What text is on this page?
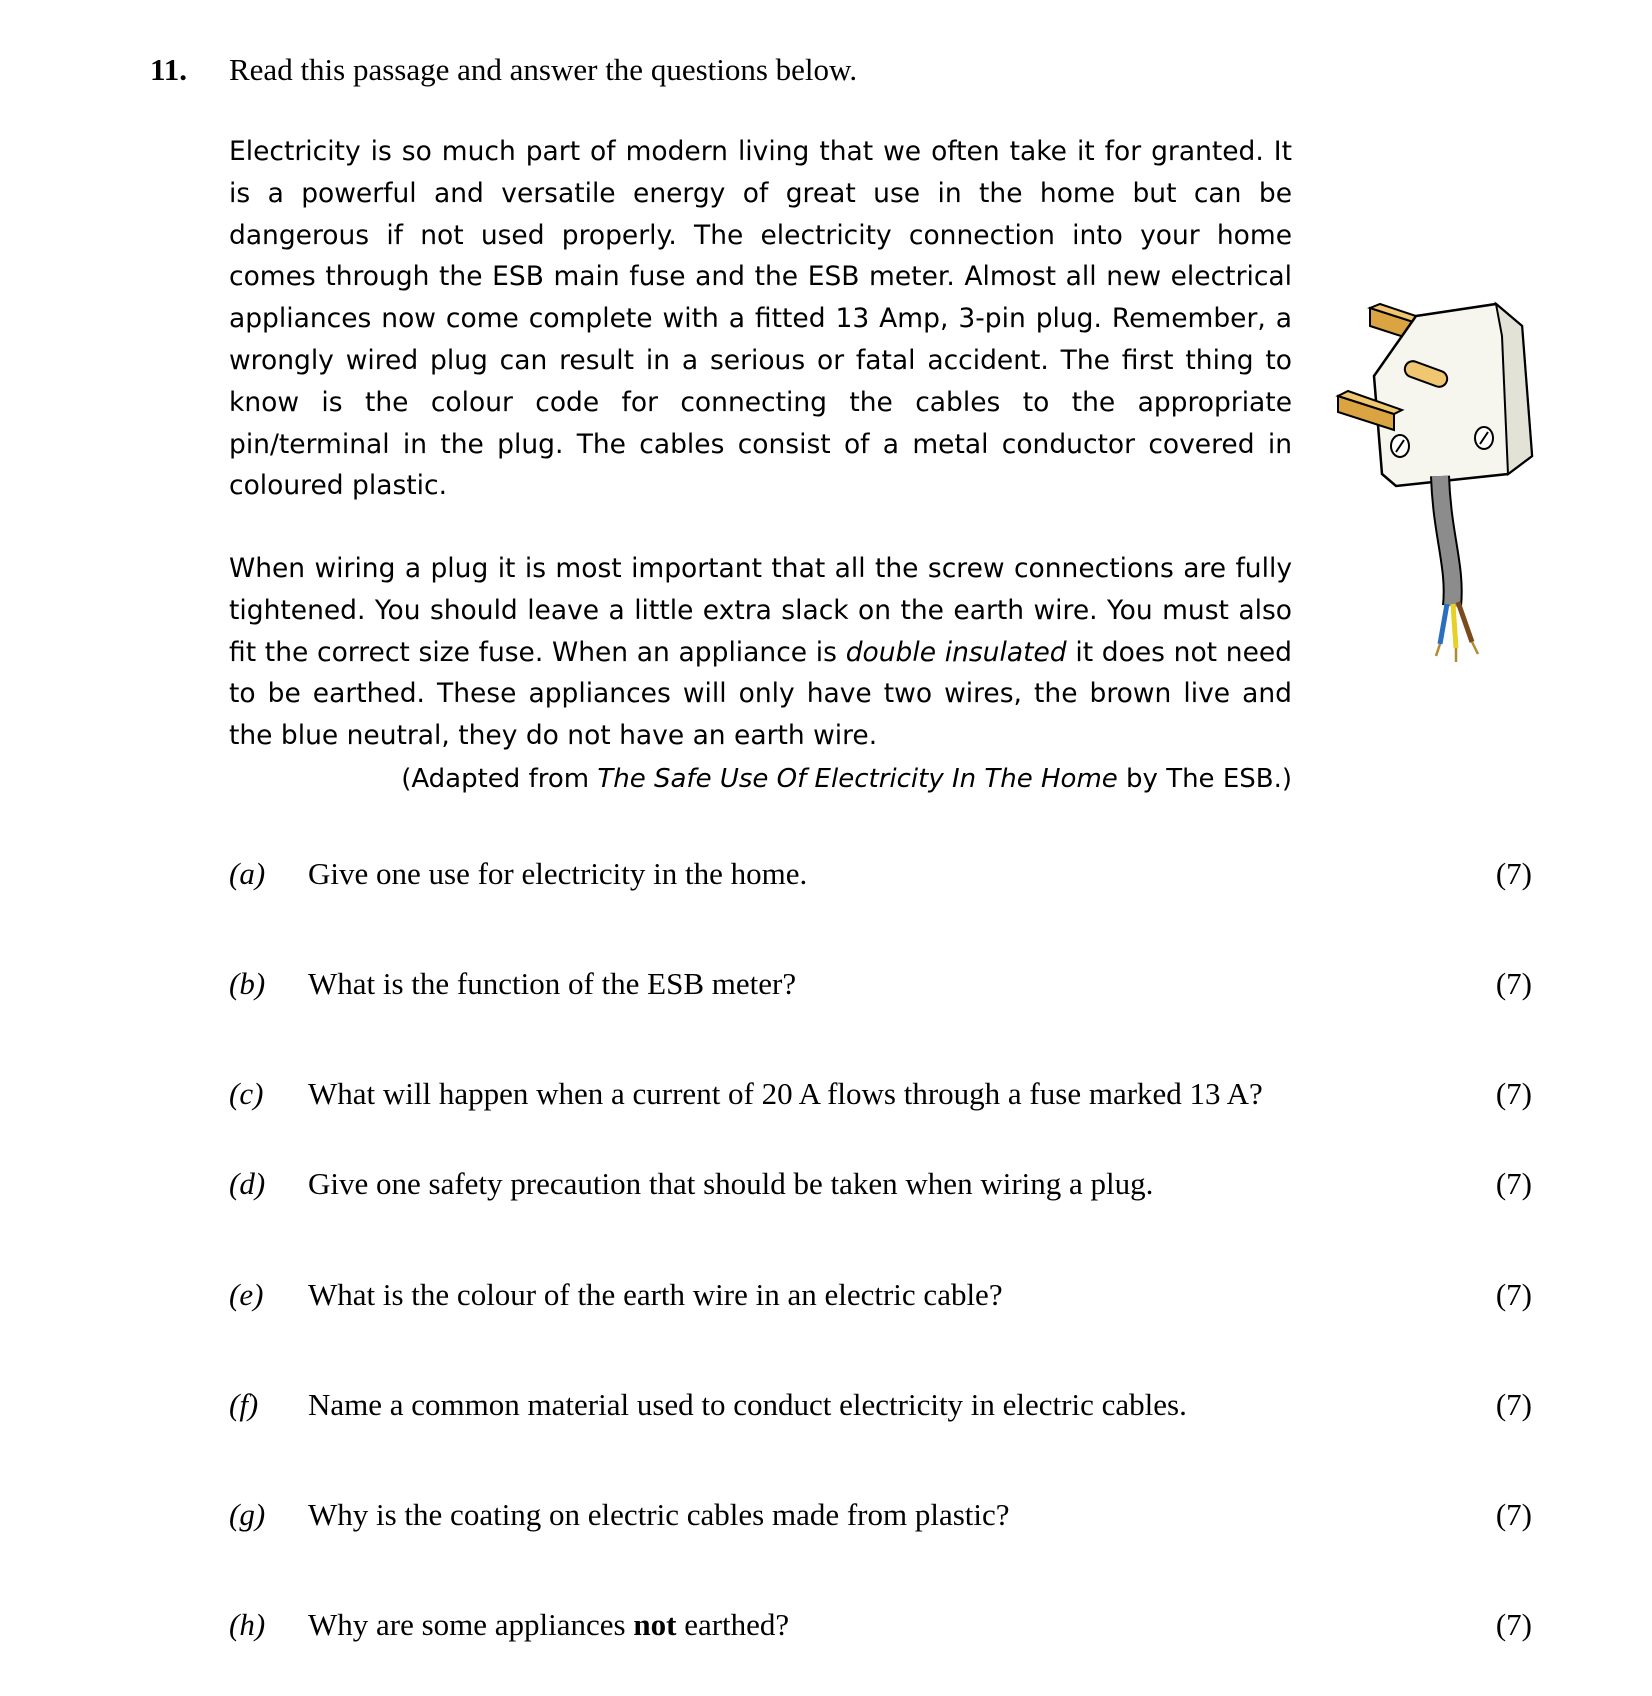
11. Read this passage and answer the questions below.

Electricity is so much part of modern living that we often take it for granted. It is a powerful and versatile energy of great use in the home but can be dangerous if not used properly. The electricity connection into your home comes through the ESB main fuse and the ESB meter. Almost all new electrical appliances now come complete with a fitted 13 Amp, 3-pin plug. Remember, a wrongly wired plug can result in a serious or fatal accident. The first thing to know is the colour code for connecting the cables to the appropriate pin/terminal in the plug. The cables consist of a metal conductor covered in coloured plastic.

When wiring a plug it is most important that all the screw connections are fully tightened. You should leave a little extra slack on the earth wire. You must also fit the correct size fuse. When an appliance is double insulated it does not need to be earthed. These appliances will only have two wires, the brown live and the blue neutral, they do not have an earth wire.

(Adapted from The Safe Use Of Electricity In The Home by The ESB.)
(a) Give one use for electricity in the home.	(7)
(b) What is the function of the ESB meter?	(7)
(c) What will happen when a current of 20 A flows through a fuse marked 13 A?	(7)
(d) Give one safety precaution that should be taken when wiring a plug.	(7)
(e) What is the colour of the earth wire in an electric cable?	(7)
(f) Name a common material used to conduct electricity in electric cables.	(7)
(g) Why is the coating on electric cables made from plastic?	(7)
(h) Why are some appliances not earthed?	(7)
